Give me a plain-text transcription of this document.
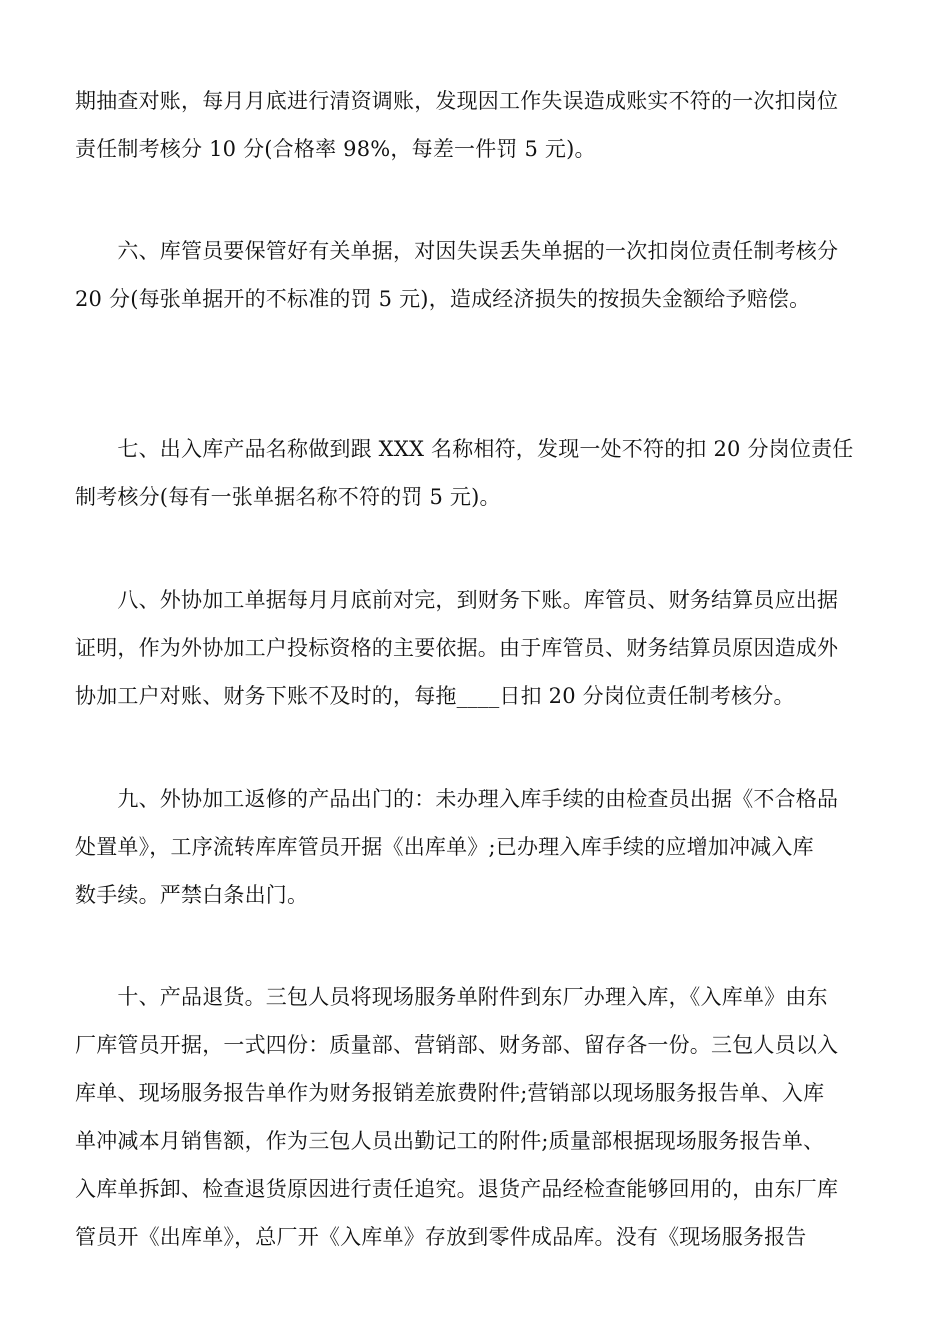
期抽查对账，每月月底进行清资调账，发现因工作失误造成账实不符的一次扣岗位
责任制考核分 10 分(合格率 98%，每差一件罚 5 元)。
　　六、库管员要保管好有关单据，对因失误丢失单据的一次扣岗位责任制考核分
20 分(每张单据开的不标准的罚 5 元)，造成经济损失的按损失金额给予赔偿。
　　七、出入库产品名称做到跟 XXX 名称相符，发现一处不符的扣 20 分岗位责任
制考核分(每有一张单据名称不符的罚 5 元)。
　　八、外协加工单据每月月底前对完，到财务下账。库管员、财务结算员应出据
证明，作为外协加工户投标资格的主要依据。由于库管员、财务结算员原因造成外
协加工户对账、财务下账不及时的，每拖____日扣 20 分岗位责任制考核分。
　　九、外协加工返修的产品出门的：未办理入库手续的由检查员出据《不合格品
处置单》，工序流转库库管员开据《出库单》;已办理入库手续的应增加冲减入库
数手续。严禁白条出门。
　　十、产品退货。三包人员将现场服务单附件到东厂办理入库，《入库单》由东
厂库管员开据，一式四份：质量部、营销部、财务部、留存各一份。三包人员以入
库单、现场服务报告单作为财务报销差旅费附件;营销部以现场服务报告单、入库
单冲减本月销售额，作为三包人员出勤记工的附件;质量部根据现场服务报告单、
入库单拆卸、检查退货原因进行责任追究。退货产品经检查能够回用的，由东厂库
管员开《出库单》，总厂开《入库单》存放到零件成品库。没有《现场服务报告
